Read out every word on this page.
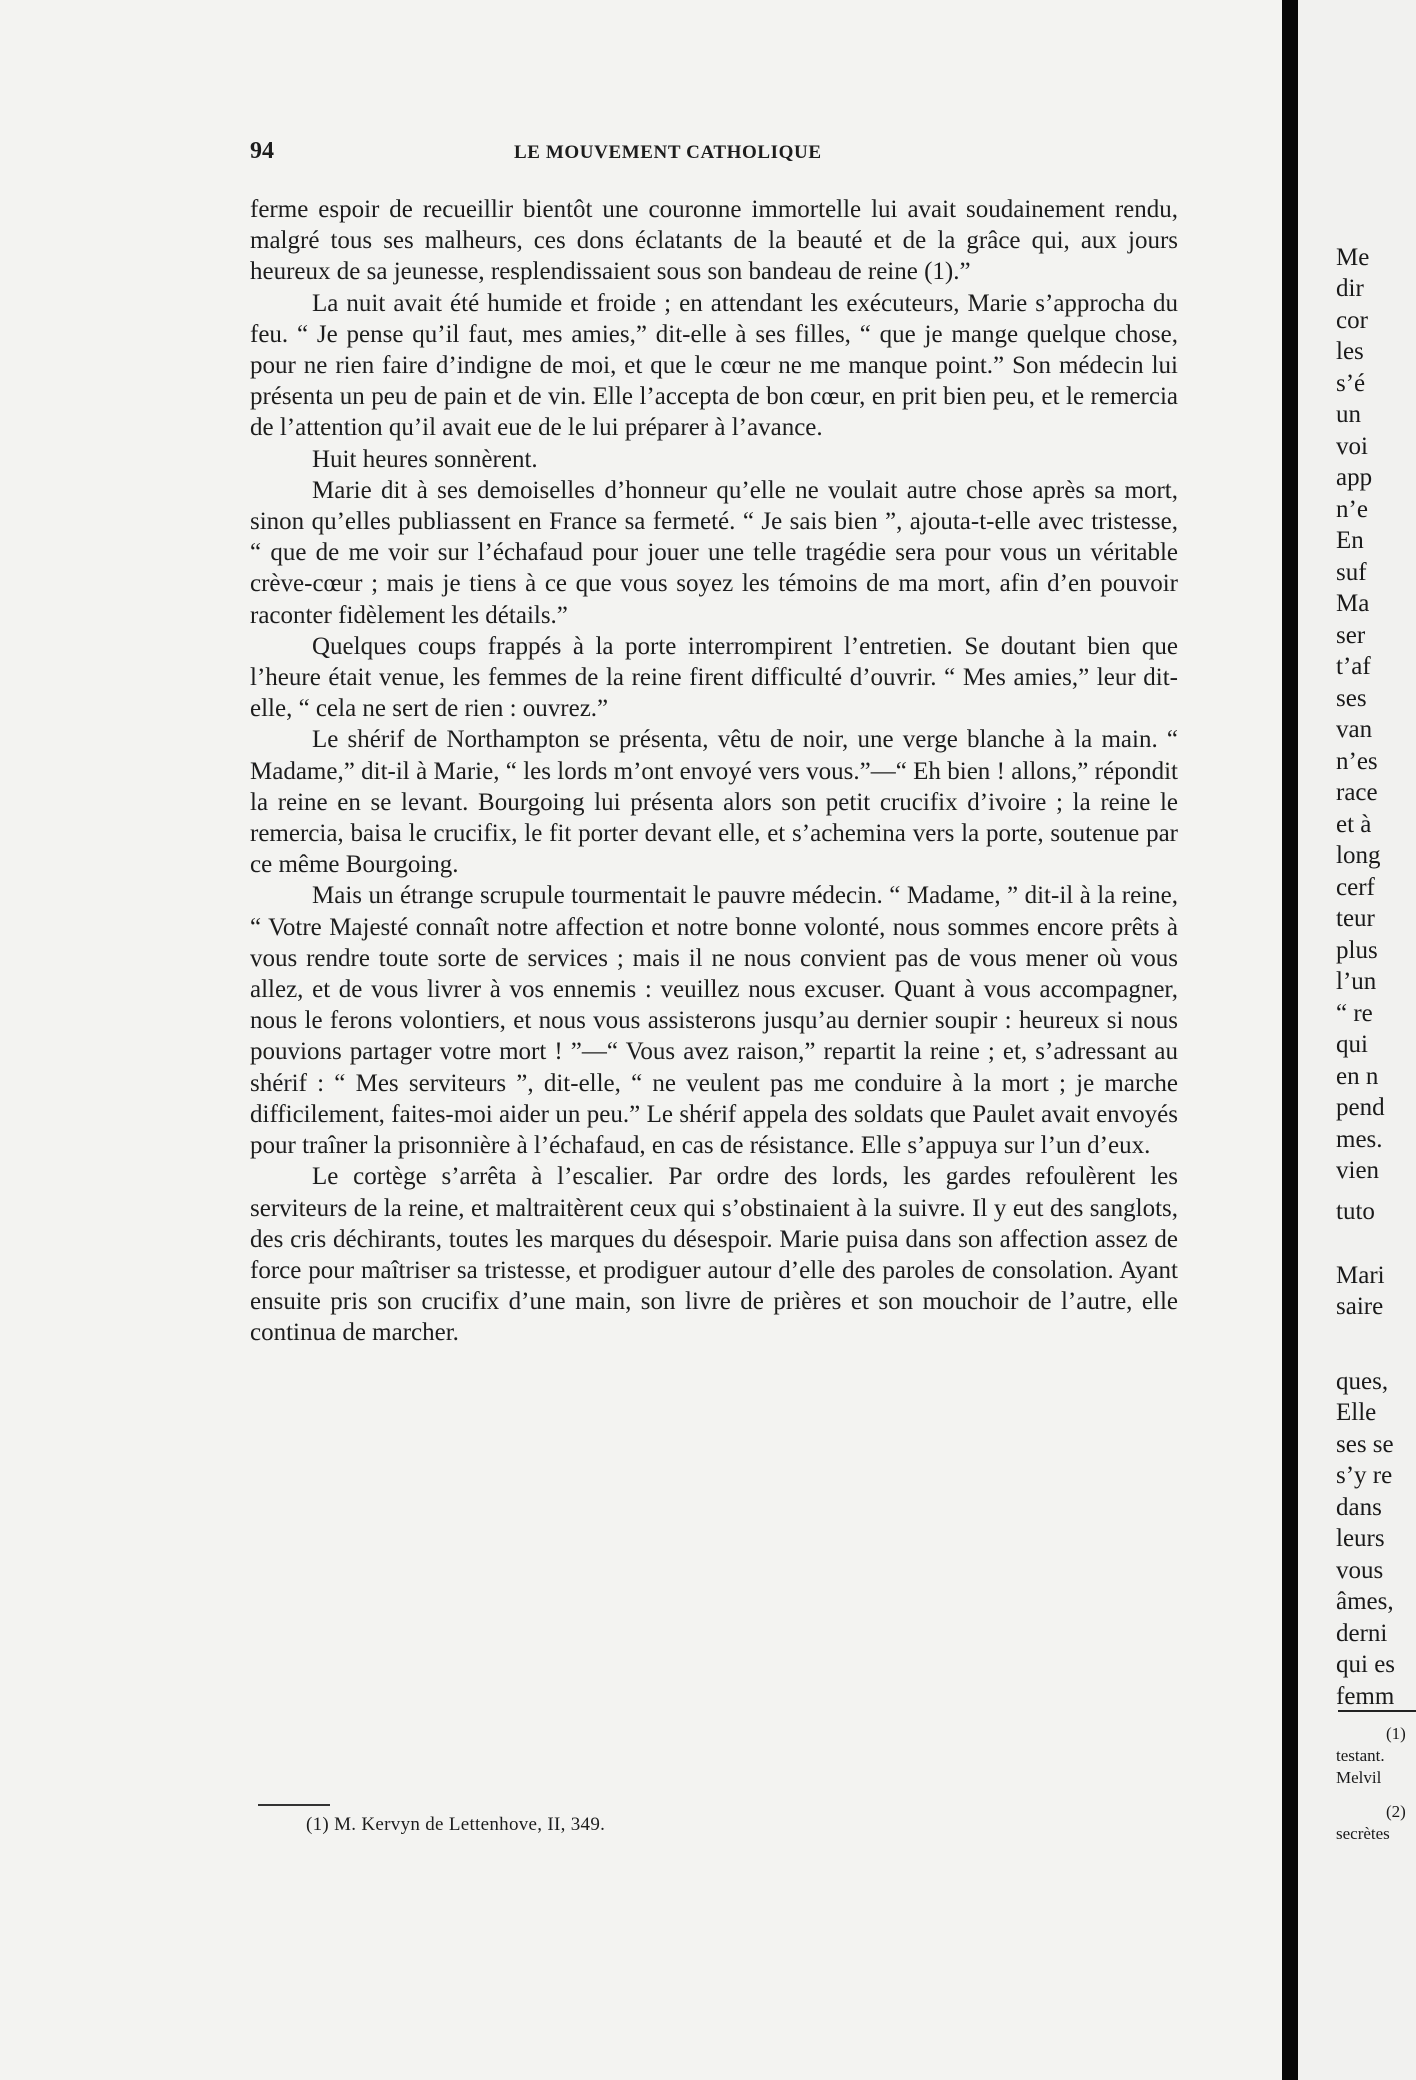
94	LE MOUVEMENT CATHOLIQUE

ferme espoir de recueillir bientôt une couronne immortelle lui avait soudainement rendu, malgré tous ses malheurs, ces dons éclatants de la beauté et de la grâce qui, aux jours heureux de sa jeunesse, resplendissaient sous son bandeau de reine (1).”

La nuit avait été humide et froide ; en attendant les exécuteurs, Marie s’approcha du feu. “ Je pense qu’il faut, mes amies,” dit-elle à ses filles, “ que je mange quelque chose, pour ne rien faire d’indigne de moi, et que le cœur ne me manque point.” Son médecin lui présenta un peu de pain et de vin. Elle l’accepta de bon cœur, en prit bien peu, et le remercia de l’attention qu’il avait eue de le lui préparer à l’avance.

Huit heures sonnèrent.

Marie dit à ses demoiselles d’honneur qu’elle ne voulait autre chose après sa mort, sinon qu’elles publiassent en France sa fermeté. “ Je sais bien ”, ajouta-t-elle avec tristesse, “ que de me voir sur l’échafaud pour jouer une telle tragédie sera pour vous un véritable crève-cœur ; mais je tiens à ce que vous soyez les témoins de ma mort, afin d’en pouvoir raconter fidèlement les détails.”

Quelques coups frappés à la porte interrompirent l’entretien. Se doutant bien que l’heure était venue, les femmes de la reine firent difficulté d’ouvrir. “ Mes amies,” leur dit-elle, “ cela ne sert de rien : ouvrez.”

Le shérif de Northampton se présenta, vêtu de noir, une verge blanche à la main. “ Madame,” dit-il à Marie, “ les lords m’ont envoyé vers vous.”—“ Eh bien ! allons,” répondit la reine en se levant. Bourgoing lui présenta alors son petit crucifix d’ivoire ; la reine le remercia, baisa le crucifix, le fit porter devant elle, et s’achemina vers la porte, soutenue par ce même Bourgoing.

Mais un étrange scrupule tourmentait le pauvre médecin. “ Madame, ” dit-il à la reine, “ Votre Majesté connaît notre affection et notre bonne volonté, nous sommes encore prêts à vous rendre toute sorte de services ; mais il ne nous convient pas de vous mener où vous allez, et de vous livrer à vos ennemis : veuillez nous excuser. Quant à vous accompagner, nous le ferons volontiers, et nous vous assisterons jusqu’au dernier soupir : heureux si nous pouvions partager votre mort ! ”—“ Vous avez raison,” repartit la reine ; et, s’adressant au shérif : “ Mes serviteurs ”, dit-elle, “ ne veulent pas me conduire à la mort ; je marche difficilement, faites-moi aider un peu.” Le shérif appela des soldats que Paulet avait envoyés pour traîner la prisonnière à l’échafaud, en cas de résistance. Elle s’appuya sur l’un d’eux.

Le cortège s’arrêta à l’escalier. Par ordre des lords, les gardes refoulèrent les serviteurs de la reine, et maltraitèrent ceux qui s’obstinaient à la suivre. Il y eut des sanglots, des cris déchirants, toutes les marques du désespoir. Marie puisa dans son affection assez de force pour maîtriser sa tristesse, et prodiguer autour d’elle des paroles de consolation. Ayant ensuite pris son crucifix d’une main, son livre de prières et son mouchoir de l’autre, elle continua de marcher.

(1) M. Kervyn de Lettenhove, II, 349.
Me
dir
cor
les
s’é
un
voi
app
n’e
En
suf
Ma
ser
t’af
ses
van
n’es
race
et à
long
cerf
teur
plus
l’un
“ re
qui
en n
pend
mes.
vien
tuto
Mari
saire
ques,
Elle
ses se
s’y re
dans
leurs
vous
âmes,
derni
qui es
femm
(1)
testant.
Melvil
(2)
secrètes
